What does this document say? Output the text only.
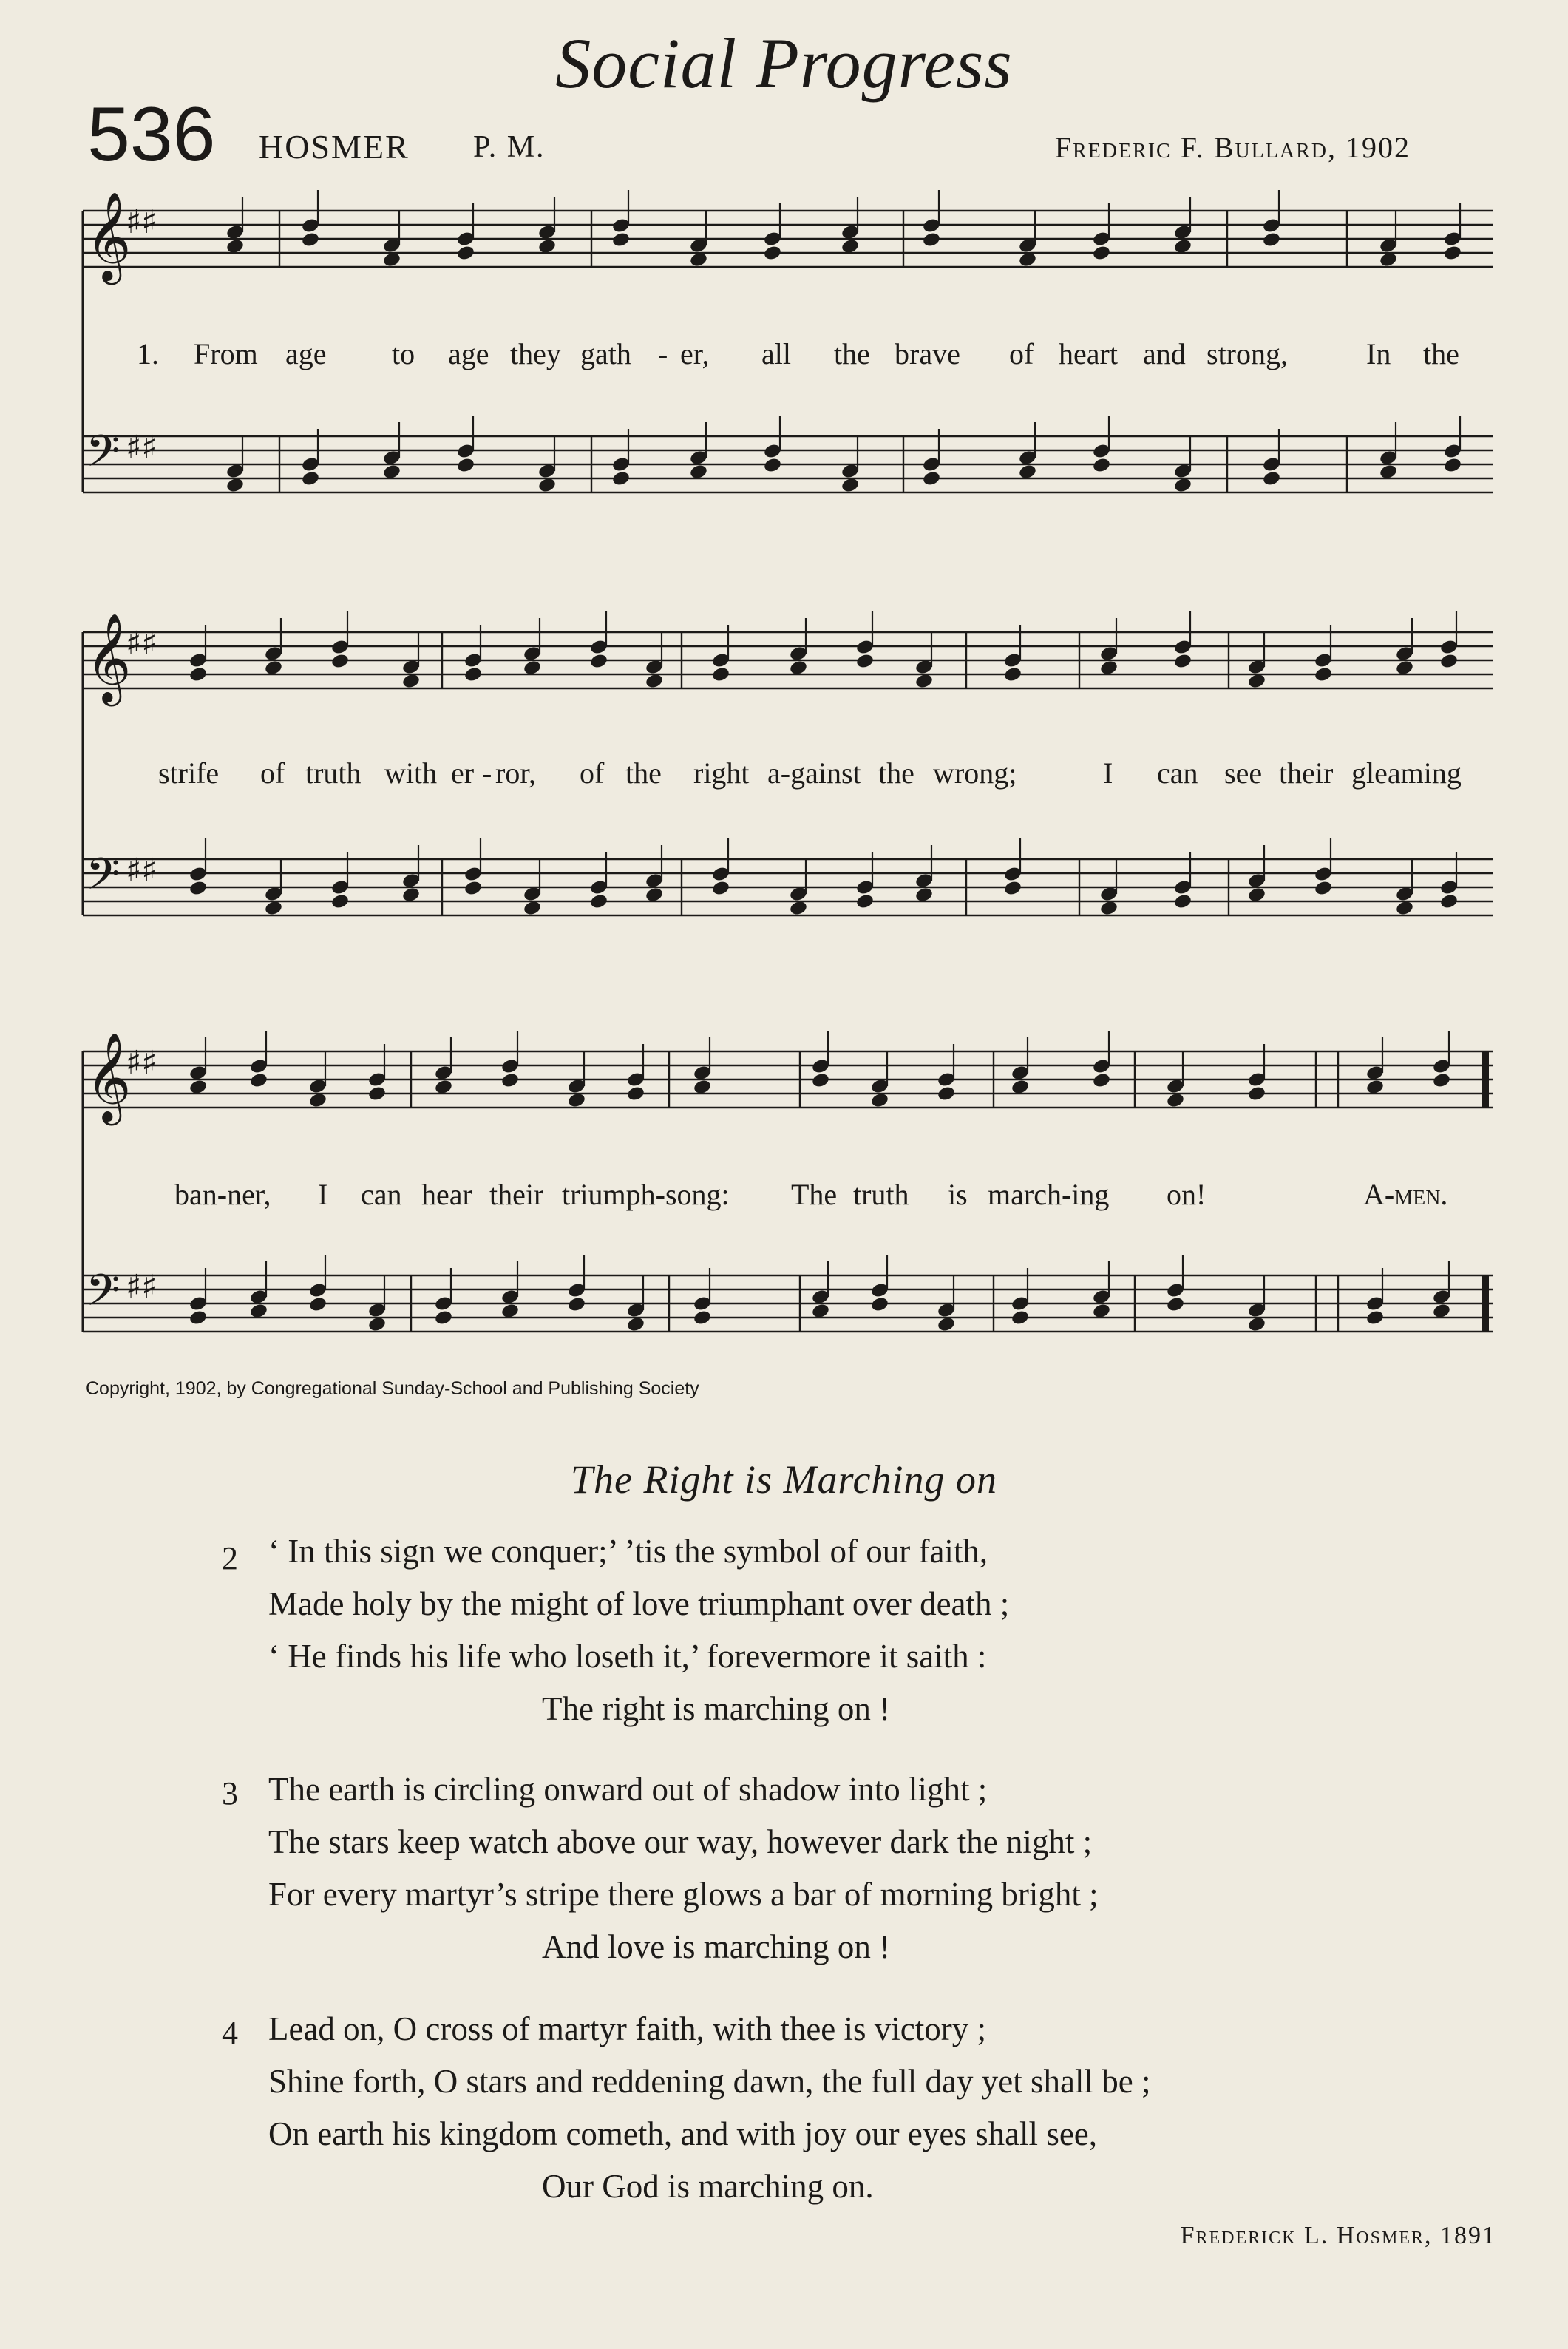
Social Progress
536 HOSMER P. M.	Frederic F. Bullard, 1902
𝄞
♯♯
𝄢 ♯♯
1. From age to age they gath - er, all the brave of heart and strong,	In the
𝄞
♯♯
𝄢 ♯♯
strife of truth with er - ror, of the right a-gainst the wrong;	I can see their gleaming
𝄞
♯♯
𝄢 ♯♯
ban-ner, I can hear their triumph-song: The truth is march-ing on!	A-men.
Copyright, 1902, by Congregational Sunday-School and Publishing Society
The Right is Marching on
2 ‘ In this sign we conquer;’ ’tis the symbol of our faith,
Made holy by the might of love triumphant over death ;
‘ He finds his life who loseth it,’ forevermore it saith :
The right is marching on !
3 The earth is circling onward out of shadow into light ;
The stars keep watch above our way, however dark the night ;
For every martyr’s stripe there glows a bar of morning bright ;
And love is marching on !
4 Lead on, O cross of martyr faith, with thee is victory ;
Shine forth, O stars and reddening dawn, the full day yet shall be ;
On earth his kingdom cometh, and with joy our eyes shall see,
Our God is marching on.
Frederick L. Hosmer, 1891
